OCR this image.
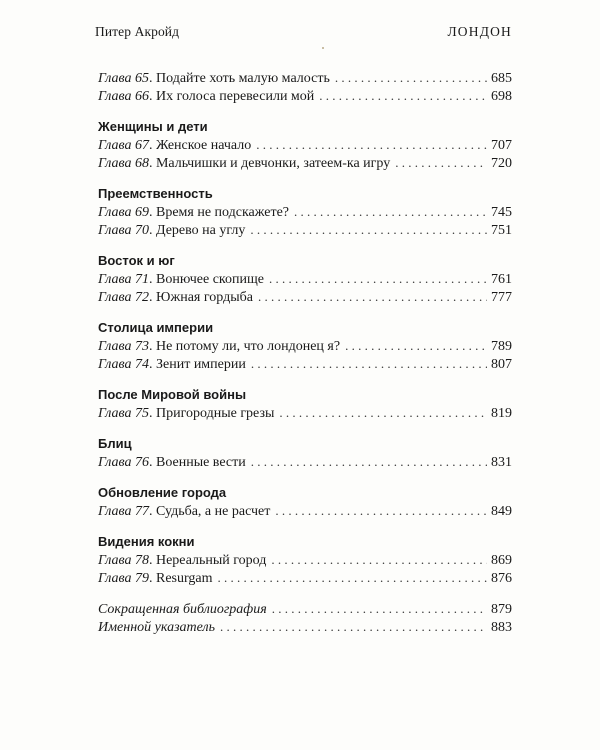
Питер Акройд	ЛОНДОН
Глава 65. Подайте хоть малую малость . . .	685
Глава 66. Их голоса перевесили мой . . .	698
Женщины и дети
Глава 67. Женское начало . . .	707
Глава 68. Мальчишки и девчонки, затеем-ка игру . . .	720
Преемственность
Глава 69. Время не подскажете? . . .	745
Глава 70. Дерево на углу . . .	751
Восток и юг
Глава 71. Вонючее скопище . . .	761
Глава 72. Южная гордыба . . .	777
Столица империи
Глава 73. Не потому ли, что лондонец я? . . .	789
Глава 74. Зенит империи . . .	807
После Мировой войны
Глава 75. Пригородные грезы . . .	819
Блиц
Глава 76. Военные вести . . .	831
Обновление города
Глава 77. Судьба, а не расчет . . .	849
Видения кокни
Глава 78. Нереальный город . . .	869
Глава 79. Resurgam . . .	876
Сокращенная библиография . . .	879
Именной указатель . . .	883
